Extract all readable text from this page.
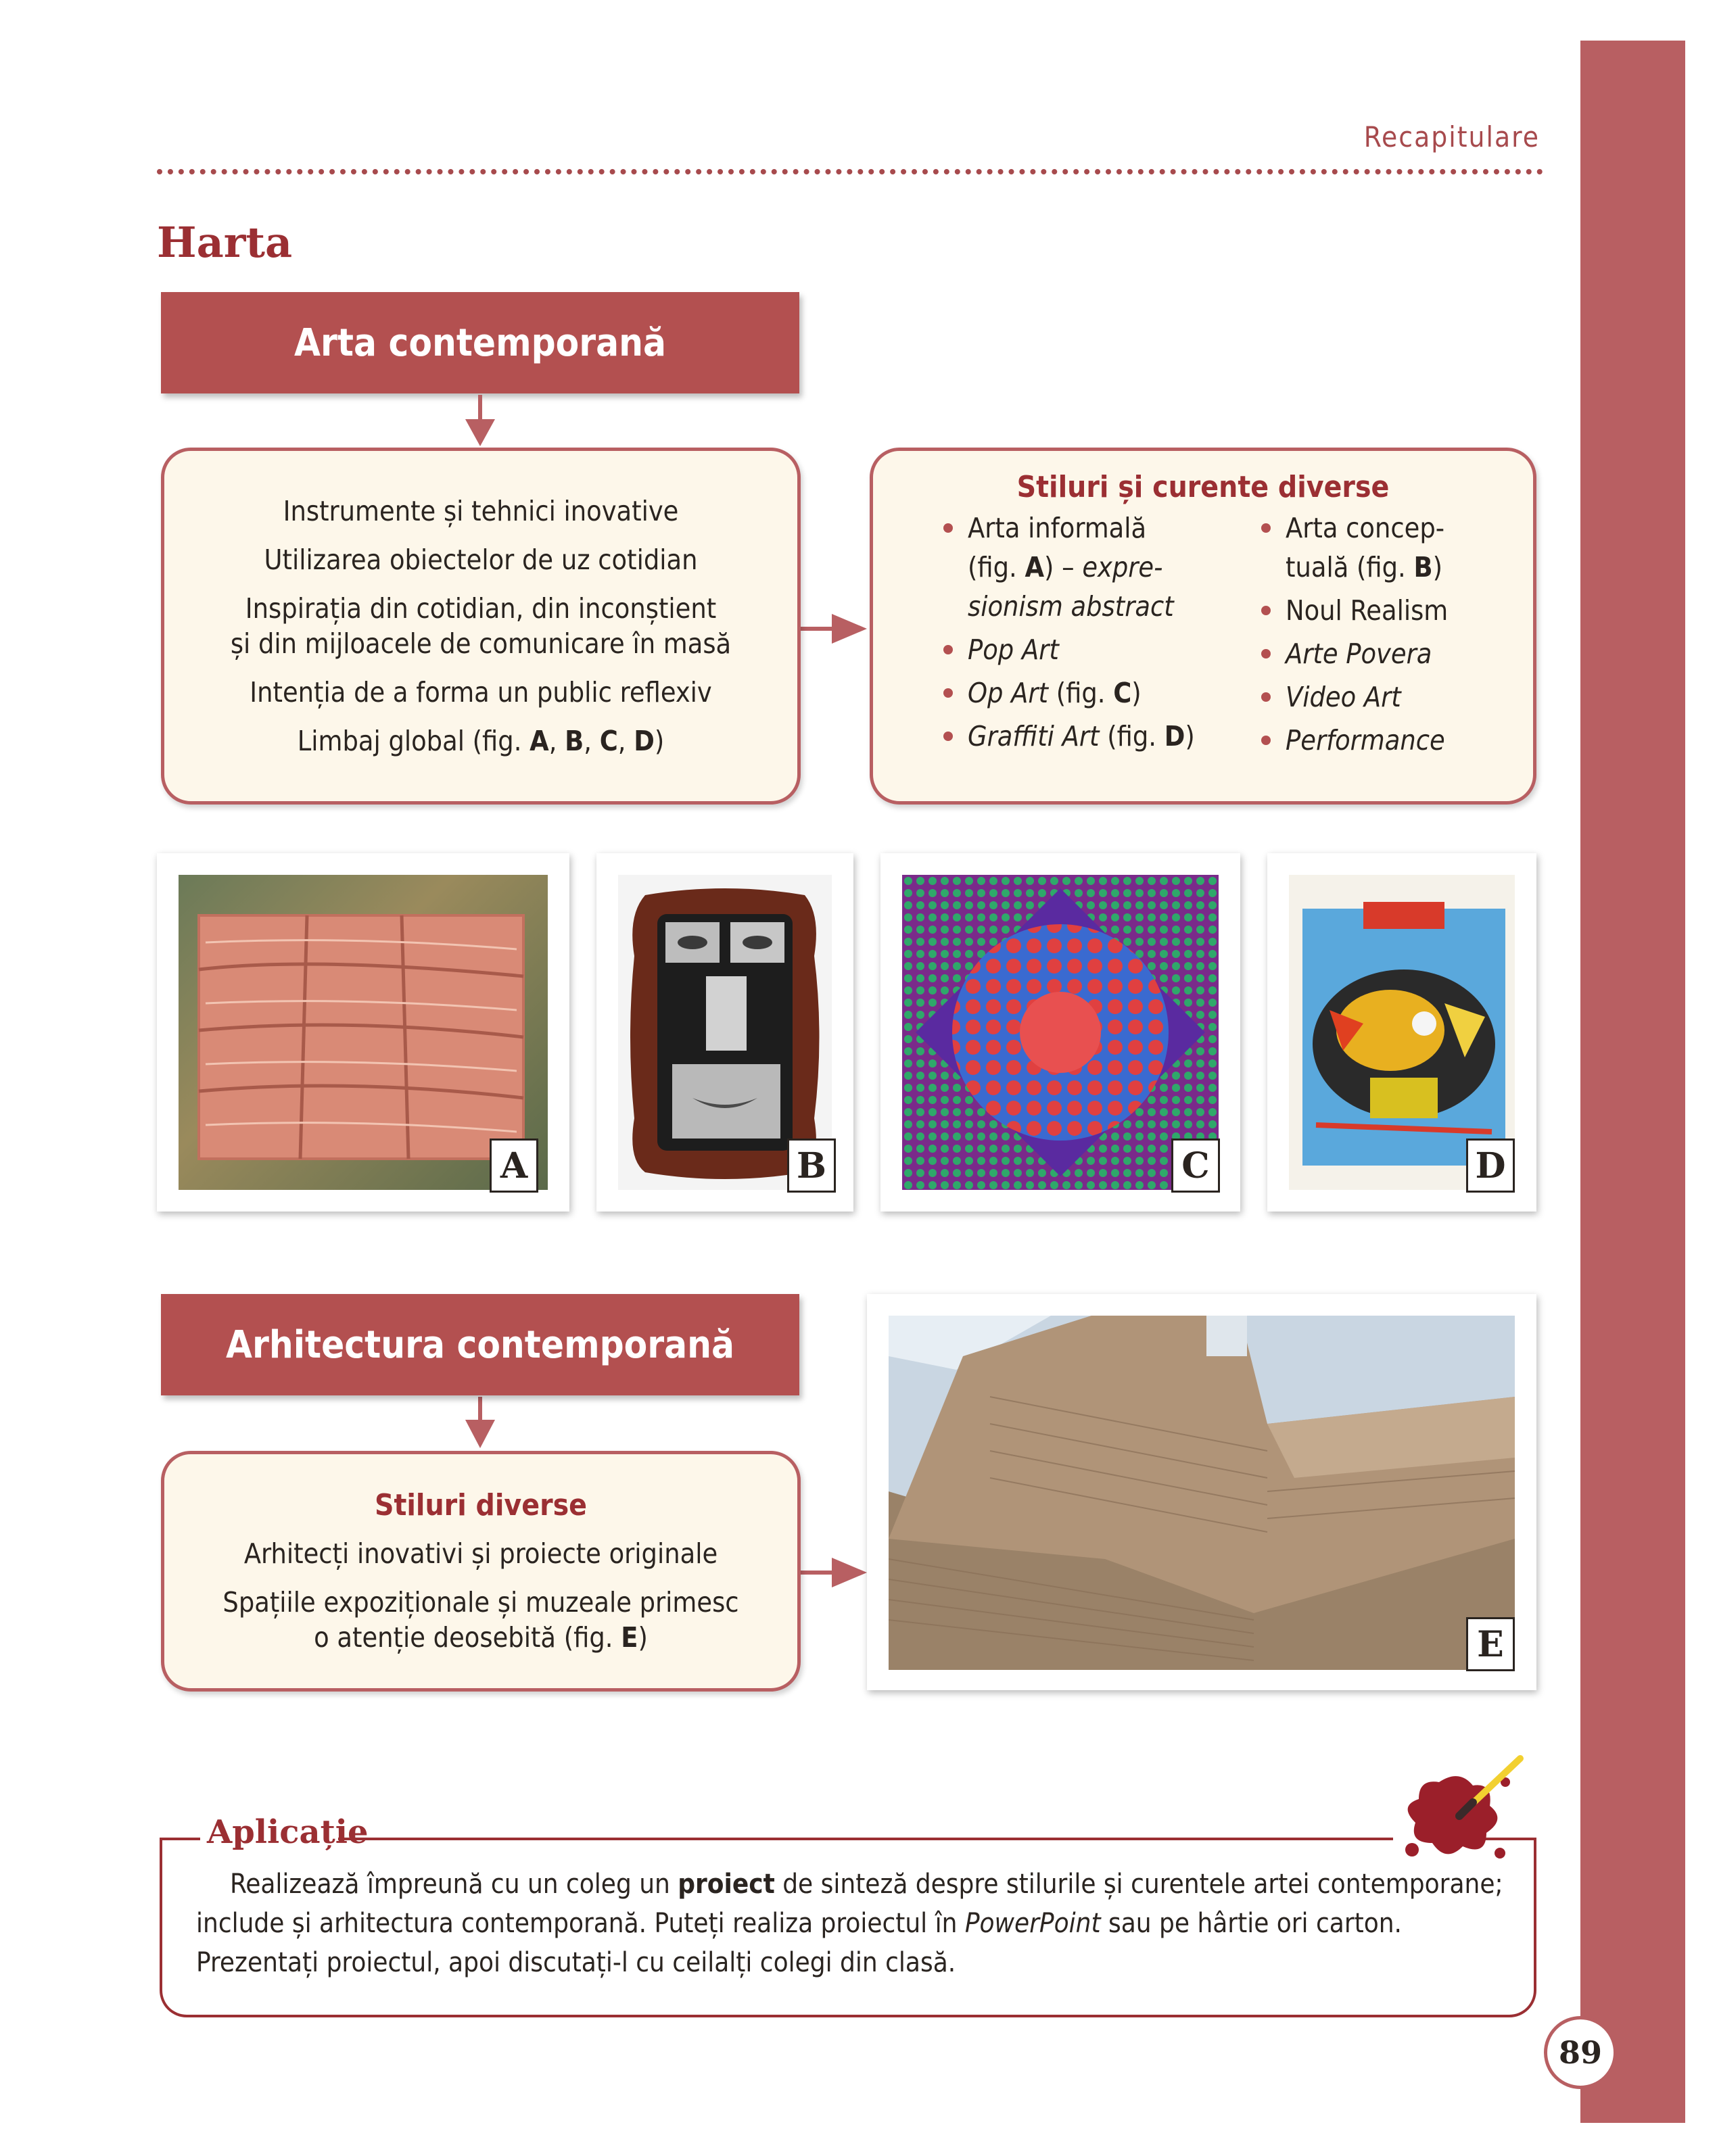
89
Recapitulare
Harta
Arta contemporană
Instrumente și tehnici inovative
Utilizarea obiectelor de uz cotidian
Inspirația din cotidian, din inconștient
și din mijloacele de comunicare în masă
Intenția de a forma un public reflexiv
Limbaj global (fig. A, B, C, D)
Stiluri și curente diverse
Arta informală
(fig. A) – expre-
sionism abstract
Pop Art
Op Art (fig. C)
Graffiti Art (fig. D)
Arta concep-
tuală (fig. B)
Noul Realism
Arte Povera
Video Art
Performance
A	B	C	D
Arhitectura contemporană
Stiluri diverse
Arhitecți inovativi și proiecte originale
Spațiile expoziționale și muzeale primesc
o atenție deosebită (fig. E)	E
Aplicație
Realizează împreună cu un coleg un proiect de sinteză despre stilurile și curentele artei contemporane; include și arhitectura contemporană. Puteți realiza proiectul în PowerPoint sau pe hârtie ori carton. Prezentați proiectul, apoi discutați-l cu ceilalți colegi din clasă.
